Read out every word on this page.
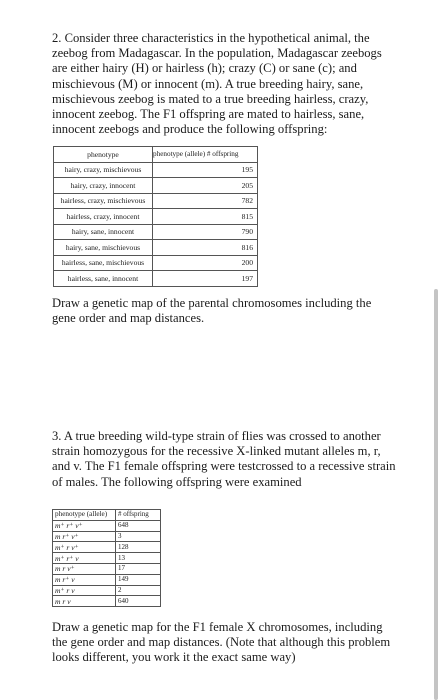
2. Consider three characteristics in the hypothetical animal, the zeebog from Madagascar. In the population, Madagascar zeebogs are either hairy (H) or hairless (h); crazy (C) or sane (c); and mischievous (M) or innocent (m). A true breeding hairy, sane, mischievous zeebog is mated to a true breeding hairless, crazy, innocent zeebog. The F1 offspring are mated to hairless, sane, innocent zeebogs and produce the following offspring:
phenotype	phenotype (allele) # offspring
hairy, crazy, mischievous	195
hairy, crazy, innocent	205
hairless, crazy, mischievous	782
hairless, crazy, innocent	815
hairy, sane, innocent	790
hairy, sane, mischievous	816
hairless, sane, mischievous	200
hairless, sane, innocent	197
Draw a genetic map of the parental chromosomes including the gene order and map distances.
3. A true breeding wild-type strain of flies was crossed to another strain homozygous for the recessive X-linked mutant alleles m, r, and v. The F1 female offspring were testcrossed to a recessive strain of males. The following offspring were examined
phenotype (allele)	# offspring
m⁺ r⁺ v⁺	648
m r⁺ v⁺	3
m⁺ r v⁺	128
m⁺ r⁺ v	13
m r v⁺	17
m r⁺ v	149
m⁺ r v	2
m r v	640
Draw a genetic map for the F1 female X chromosomes, including the gene order and map distances. (Note that although this problem looks different, you work it the exact same way)
